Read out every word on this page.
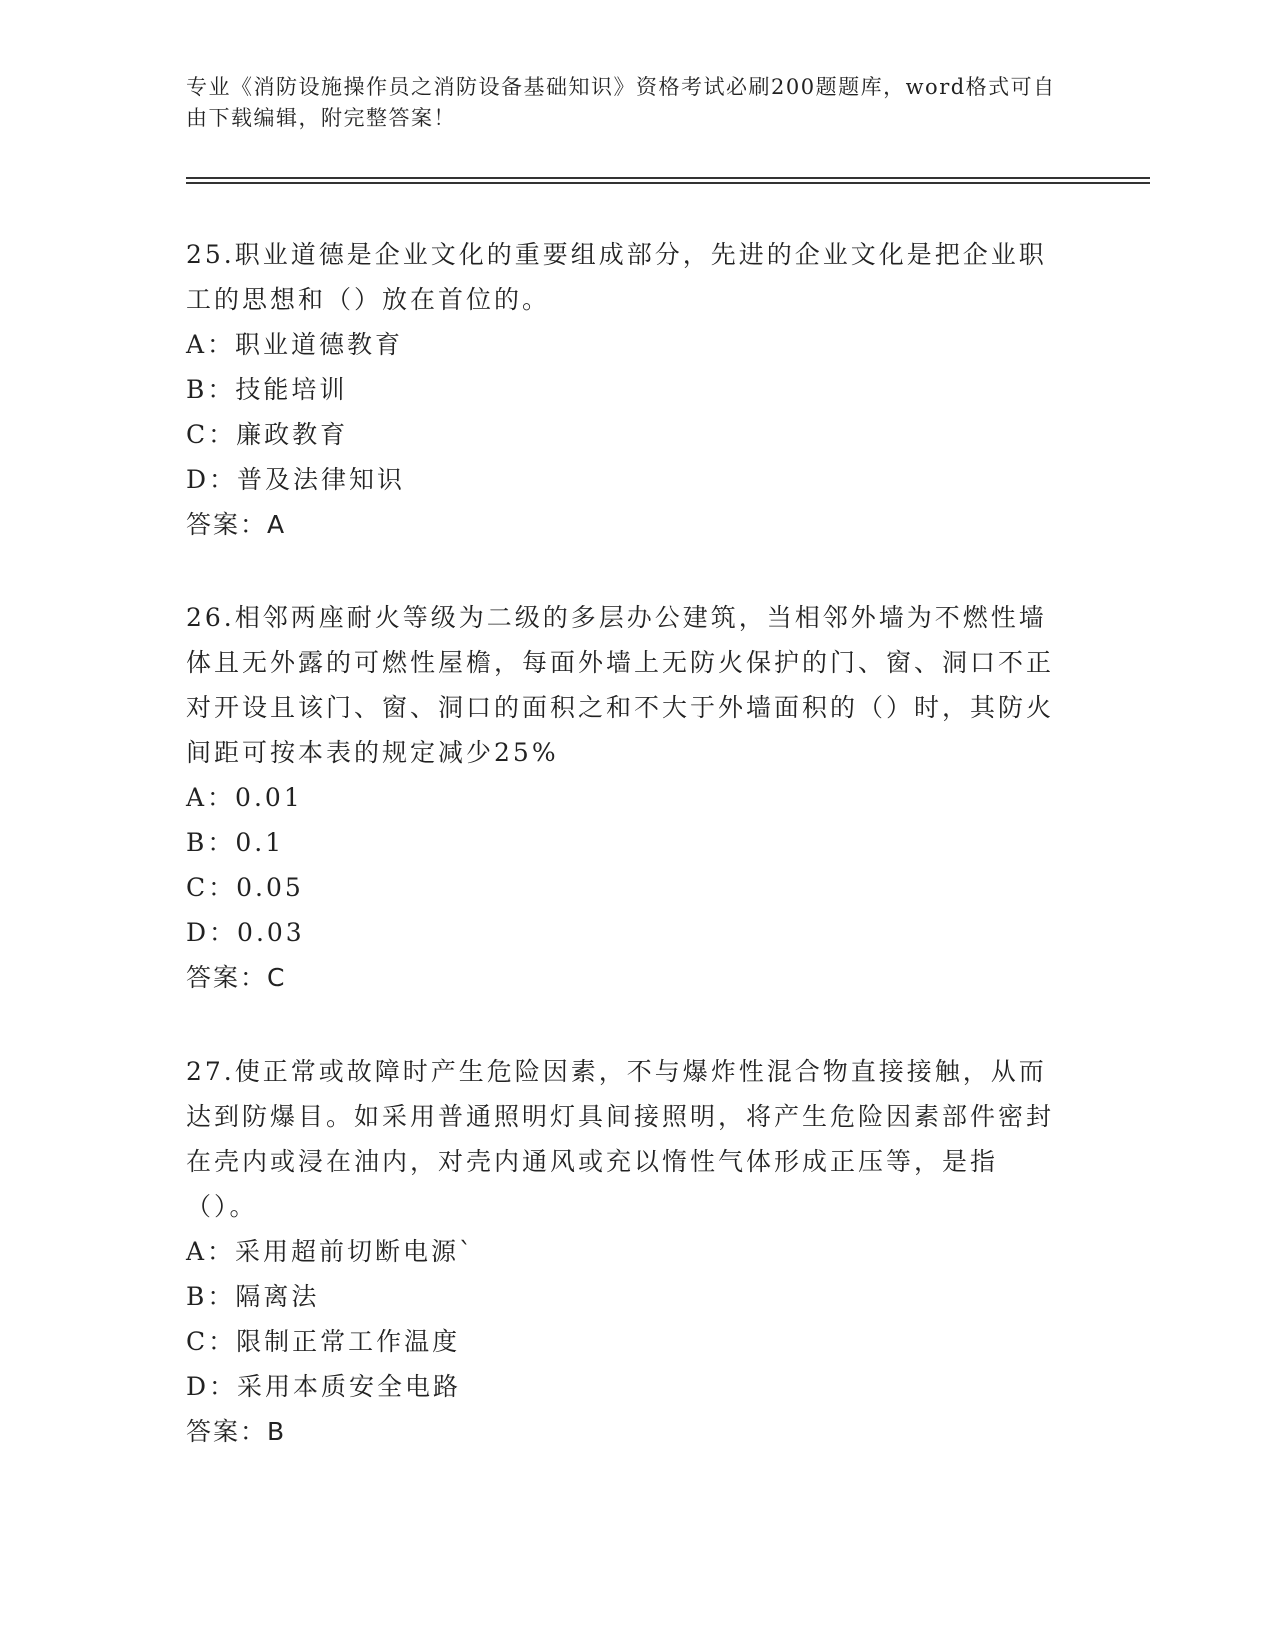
专业《消防设施操作员之消防设备基础知识》资格考试必刷200题题库，word格式可自由下载编辑，附完整答案！

25.职业道德是企业文化的重要组成部分，先进的企业文化是把企业职工的思想和（）放在首位的。

A：职业道德教育

B：技能培训

C：廉政教育

D：普及法律知识

答案：A

26.相邻两座耐火等级为二级的多层办公建筑，当相邻外墙为不燃性墙体且无外露的可燃性屋檐，每面外墙上无防火保护的门、窗、洞口不正对开设且该门、窗、洞口的面积之和不大于外墙面积的（）时，其防火间距可按本表的规定减少25%

A：0.01

B：0.1

C：0.05

D：0.03

答案：C

27.使正常或故障时产生危险因素，不与爆炸性混合物直接接触，从而达到防爆目。如采用普通照明灯具间接照明，将产生危险因素部件密封在壳内或浸在油内，对壳内通风或充以惰性气体形成正压等，是指（）。

A：采用超前切断电源`

B：隔离法

C：限制正常工作温度

D：采用本质安全电路

答案：B
